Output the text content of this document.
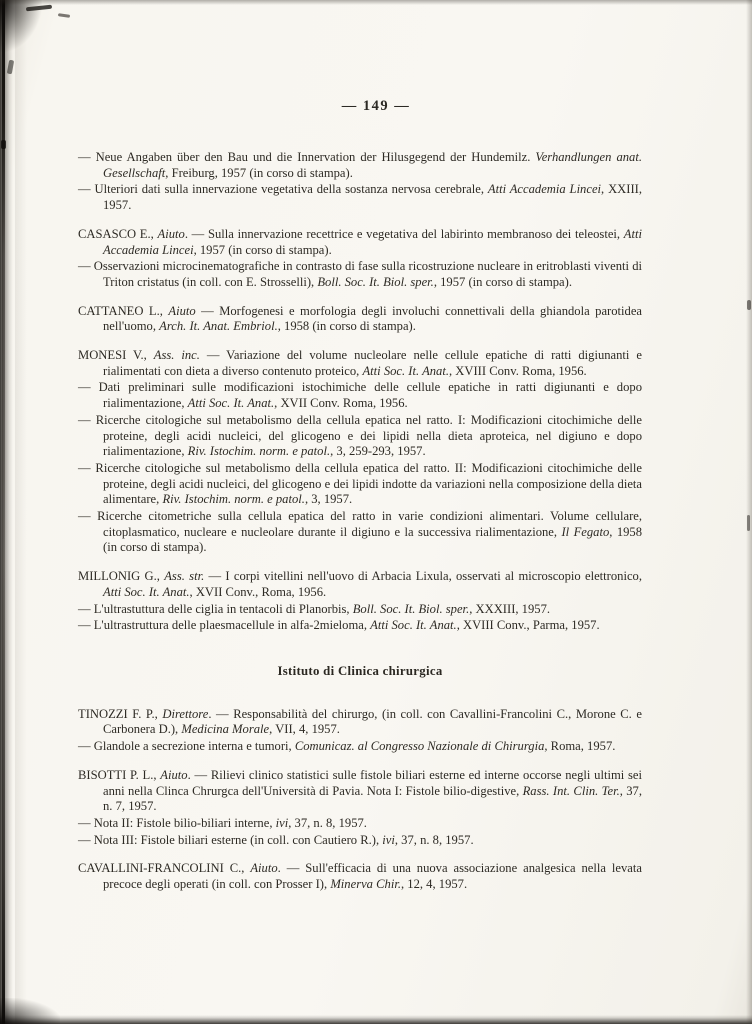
— 149 —

— Neue Angaben über den Bau und die Innervation der Hilusgegend der Hundemilz. Verhandlungen anat. Gesellschaft, Freiburg, 1957 (in corso di stampa).

— Ulteriori dati sulla innervazione vegetativa della sostanza nervosa cerebrale, Atti Accademia Lincei, XXIII, 1957.

CASASCO E., Aiuto. — Sulla innervazione recettrice e vegetativa del labirinto membranoso dei teleostei, Atti Accademia Lincei, 1957 (in corso di stampa).

— Osservazioni microcinematografiche in contrasto di fase sulla ricostruzione nucleare in eritroblasti viventi di Triton cristatus (in coll. con E. Strosselli), Boll. Soc. It. Biol. sper., 1957 (in corso di stampa).

CATTANEO L., Aiuto — Morfogenesi e morfologia degli involuchi connettivali della ghiandola parotidea nell'uomo, Arch. It. Anat. Embriol., 1958 (in corso di stampa).

MONESI V., Ass. inc. — Variazione del volume nucleolare nelle cellule epatiche di ratti digiunanti e rialimentati con dieta a diverso contenuto proteico, Atti Soc. It. Anat., XVIII Conv. Roma, 1956.

— Dati preliminari sulle modificazioni istochimiche delle cellule epatiche in ratti digiunanti e dopo rialimentazione, Atti Soc. It. Anat., XVII Conv. Roma, 1956.

— Ricerche citologiche sul metabolismo della cellula epatica nel ratto. I: Modificazioni citochimiche delle proteine, degli acidi nucleici, del glicogeno e dei lipidi nella dieta aproteica, nel digiuno e dopo rialimentazione, Riv. Istochim. norm. e patol., 3, 259-293, 1957.

— Ricerche citologiche sul metabolismo della cellula epatica del ratto. II: Modificazioni citochimiche delle proteine, degli acidi nucleici, del glicogeno e dei lipidi indotte da variazioni nella composizione della dieta alimentare, Riv. Istochim. norm. e patol., 3, 1957.

— Ricerche citometriche sulla cellula epatica del ratto in varie condizioni alimentari. Volume cellulare, citoplasmatico, nucleare e nucleolare durante il digiuno e la successiva rialimentazione, Il Fegato, 1958 (in corso di stampa).

MILLONIG G., Ass. str. — I corpi vitellini nell'uovo di Arbacia Lixula, osservati al microscopio elettronico, Atti Soc. It. Anat., XVII Conv., Roma, 1956.

— L'ultrastuttura delle ciglia in tentacoli di Planorbis, Boll. Soc. It. Biol. sper., XXXIII, 1957.

— L'ultrastruttura delle plaesmacellule in alfa-2mieloma, Atti Soc. It. Anat., XVIII Conv., Parma, 1957.

Istituto di Clinica chirurgica

TINOZZI F. P., Direttore. — Responsabilità del chirurgo, (in coll. con Cavallini-Francolini C., Morone C. e Carbonera D.), Medicina Morale, VII, 4, 1957.

— Glandole a secrezione interna e tumori, Comunicaz. al Congresso Nazionale di Chirurgia, Roma, 1957.

BISOTTI P. L., Aiuto. — Rilievi clinico statistici sulle fistole biliari esterne ed interne occorse negli ultimi sei anni nella Clinca Chrurgca dell'Università di Pavia. Nota I: Fistole bilio-digestive, Rass. Int. Clin. Ter., 37, n. 7, 1957.

— Nota II: Fistole bilio-biliari interne, ivi, 37, n. 8, 1957.

— Nota III: Fistole biliari esterne (in coll. con Cautiero R.), ivi, 37, n. 8, 1957.

CAVALLINI-FRANCOLINI C., Aiuto. — Sull'efficacia di una nuova associazione analgesica nella levata precoce degli operati (in coll. con Prosser I), Minerva Chir., 12, 4, 1957.
